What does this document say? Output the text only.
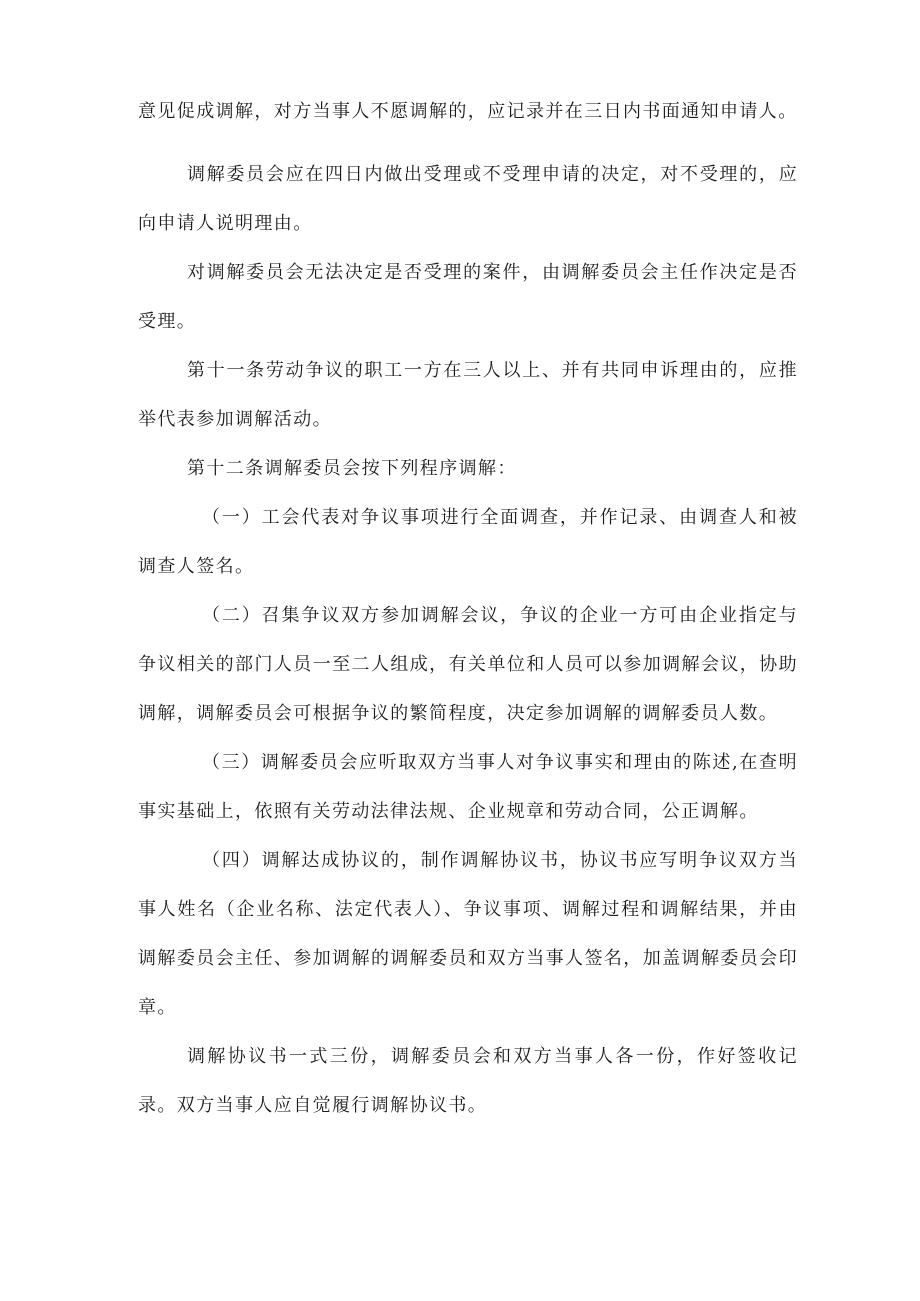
意见促成调解，对方当事人不愿调解的，应记录并在三日内书面通知申请人。

调解委员会应在四日内做出受理或不受理申请的决定，对不受理的，应向申请人说明理由。

对调解委员会无法决定是否受理的案件，由调解委员会主任作决定是否受理。

第十一条劳动争议的职工一方在三人以上、并有共同申诉理由的，应推举代表参加调解活动。

第十二条调解委员会按下列程序调解：

（一）工会代表对争议事项进行全面调查，并作记录、由调查人和被调查人签名。

（二）召集争议双方参加调解会议，争议的企业一方可由企业指定与争议相关的部门人员一至二人组成，有关单位和人员可以参加调解会议，协助调解，调解委员会可根据争议的繁简程度，决定参加调解的调解委员人数。

（三）调解委员会应听取双方当事人对争议事实和理由的陈述,在查明事实基础上，依照有关劳动法律法规、企业规章和劳动合同，公正调解。

（四）调解达成协议的，制作调解协议书，协议书应写明争议双方当事人姓名（企业名称、法定代表人）、争议事项、调解过程和调解结果，并由调解委员会主任、参加调解的调解委员和双方当事人签名，加盖调解委员会印章。

调解协议书一式三份，调解委员会和双方当事人各一份，作好签收记录。双方当事人应自觉履行调解协议书。
